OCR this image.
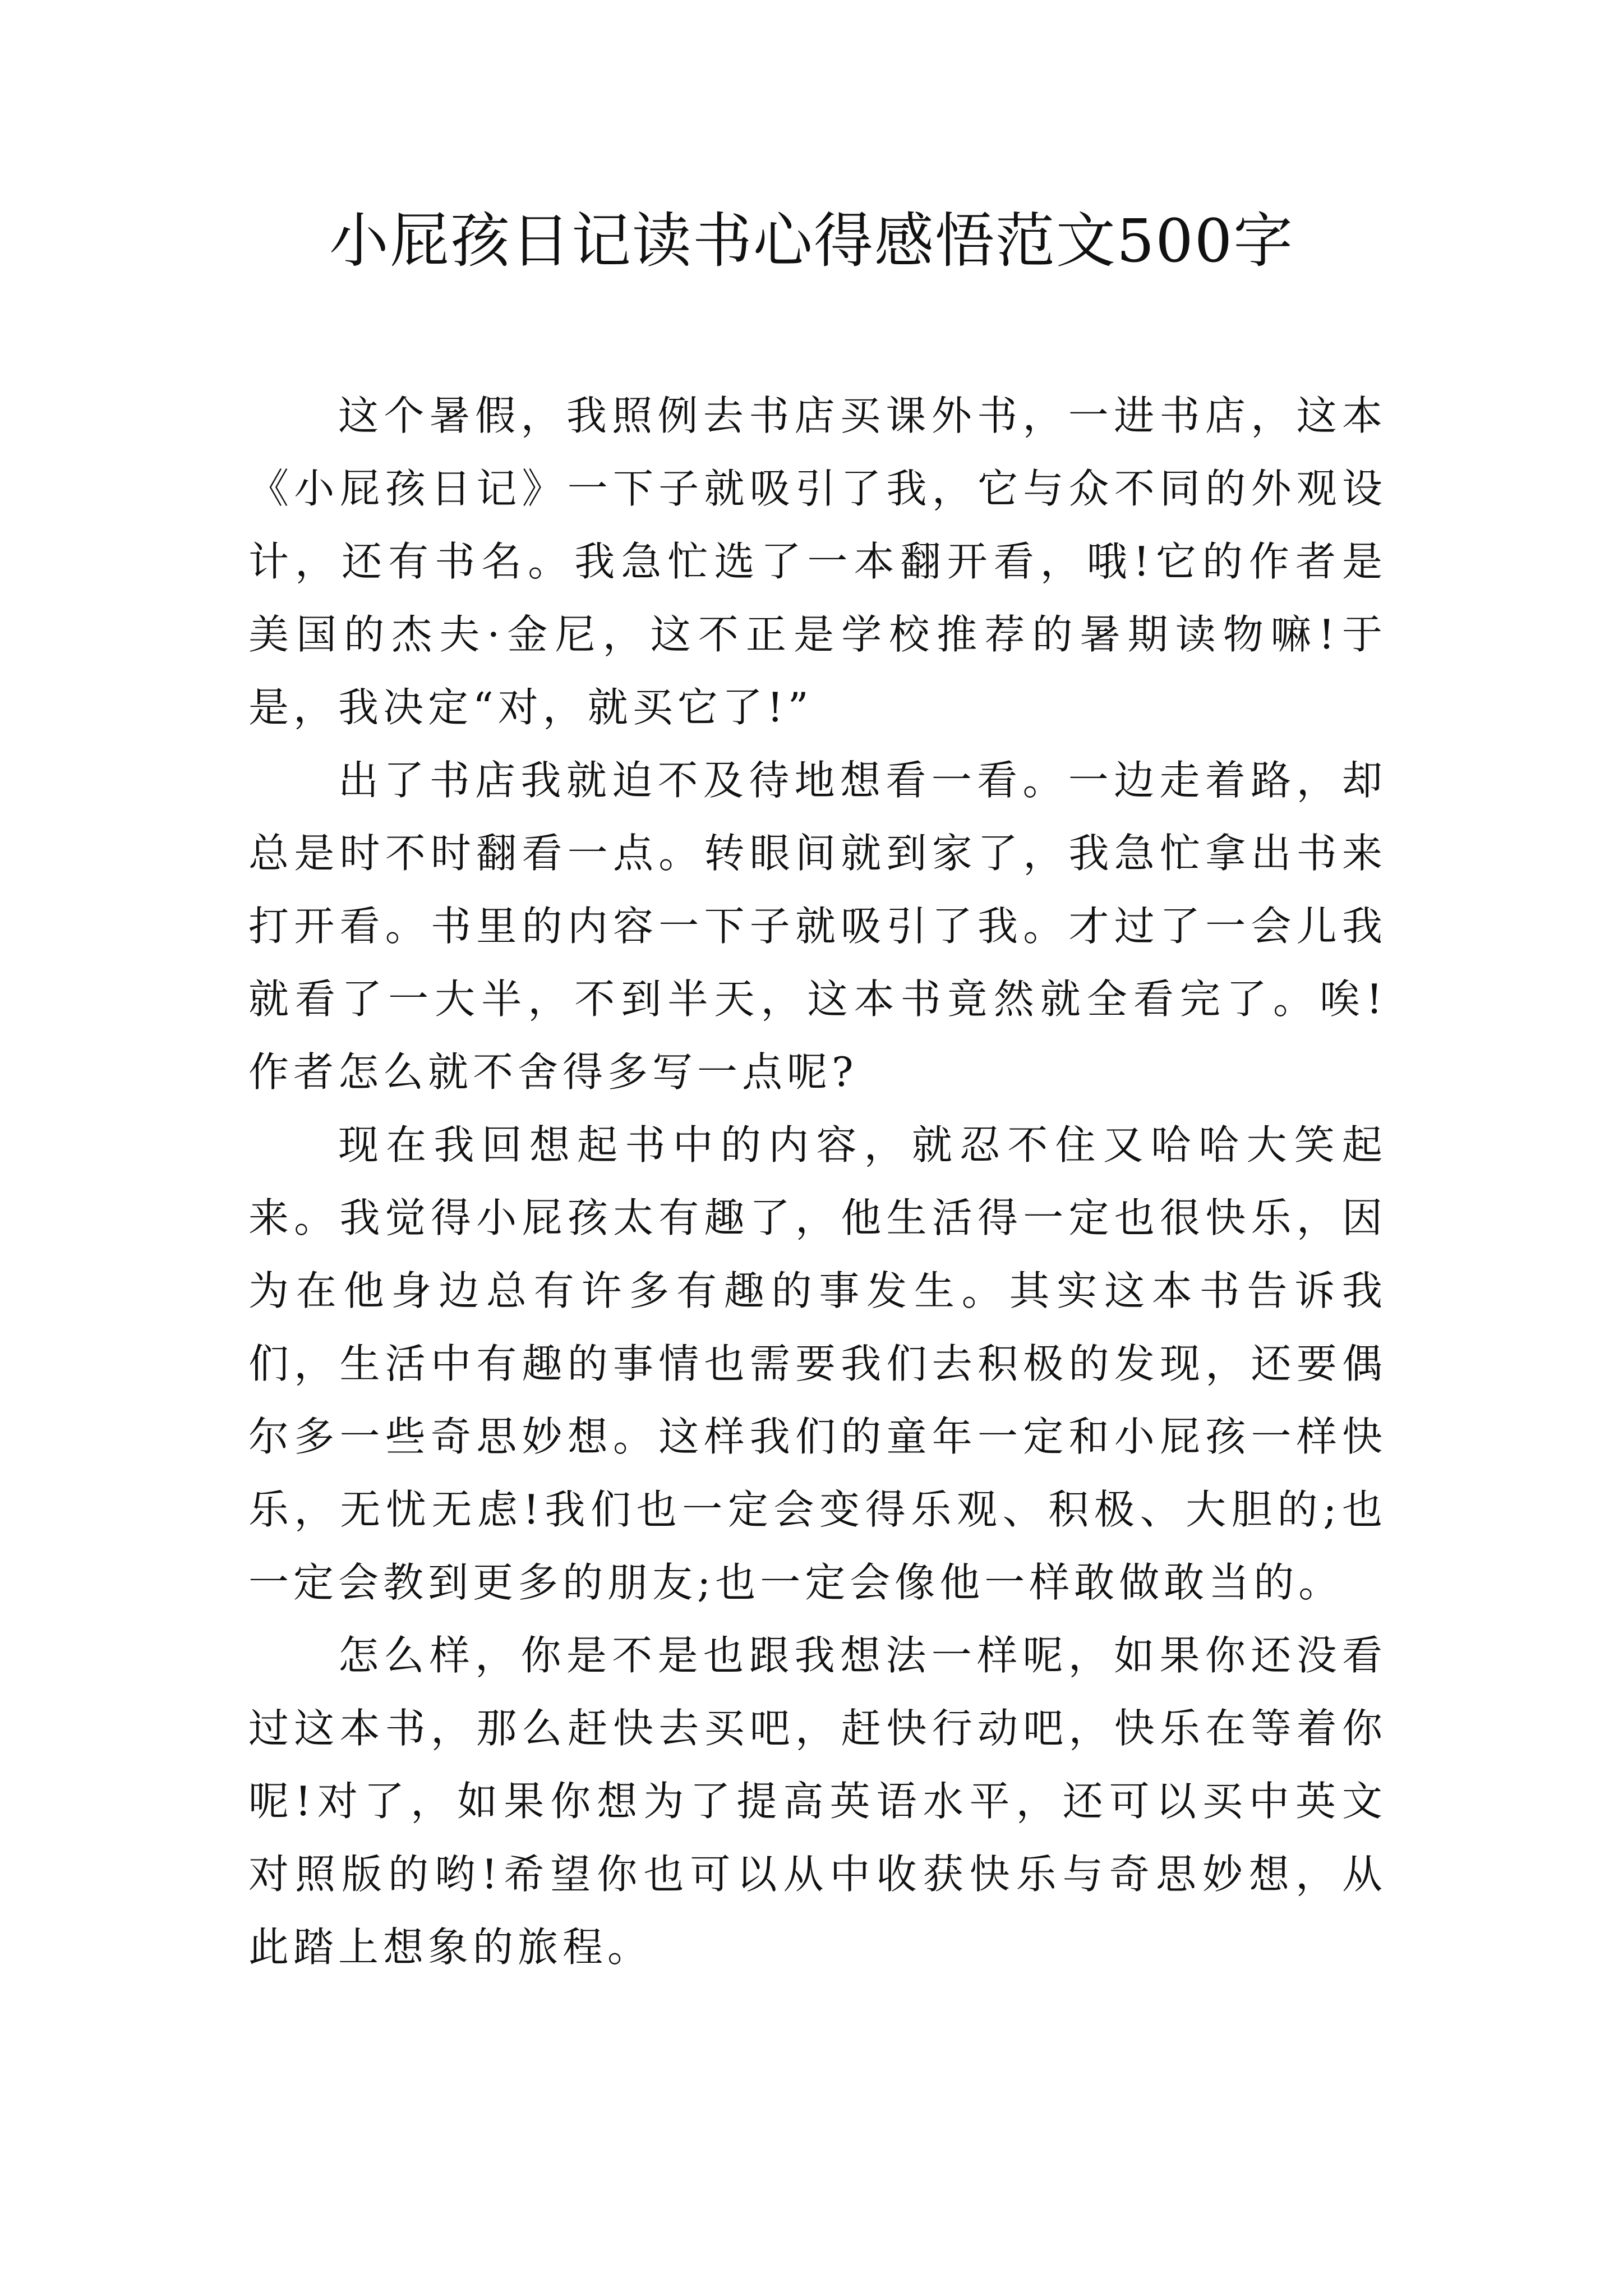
小屁孩日记读书心得感悟范文500字

这个暑假，我照例去书店买课外书，一进书店，这本《小屁孩日记》一下子就吸引了我，它与众不同的外观设计，还有书名。我急忙选了一本翻开看，哦!它的作者是美国的杰夫·金尼，这不正是学校推荐的暑期读物嘛!于是，我决定“对，就买它了!”

出了书店我就迫不及待地想看一看。一边走着路，却总是时不时翻看一点。转眼间就到家了，我急忙拿出书来打开看。书里的内容一下子就吸引了我。才过了一会儿我就看了一大半，不到半天，这本书竟然就全看完了。唉!作者怎么就不舍得多写一点呢?

现在我回想起书中的内容，就忍不住又哈哈大笑起来。我觉得小屁孩太有趣了，他生活得一定也很快乐，因为在他身边总有许多有趣的事发生。其实这本书告诉我们，生活中有趣的事情也需要我们去积极的发现，还要偶尔多一些奇思妙想。这样我们的童年一定和小屁孩一样快乐，无忧无虑!我们也一定会变得乐观、积极、大胆的;也一定会教到更多的朋友;也一定会像他一样敢做敢当的。

怎么样，你是不是也跟我想法一样呢，如果你还没看过这本书，那么赶快去买吧，赶快行动吧，快乐在等着你呢!对了，如果你想为了提高英语水平，还可以买中英文对照版的哟!希望你也可以从中收获快乐与奇思妙想，从此踏上想象的旅程。
